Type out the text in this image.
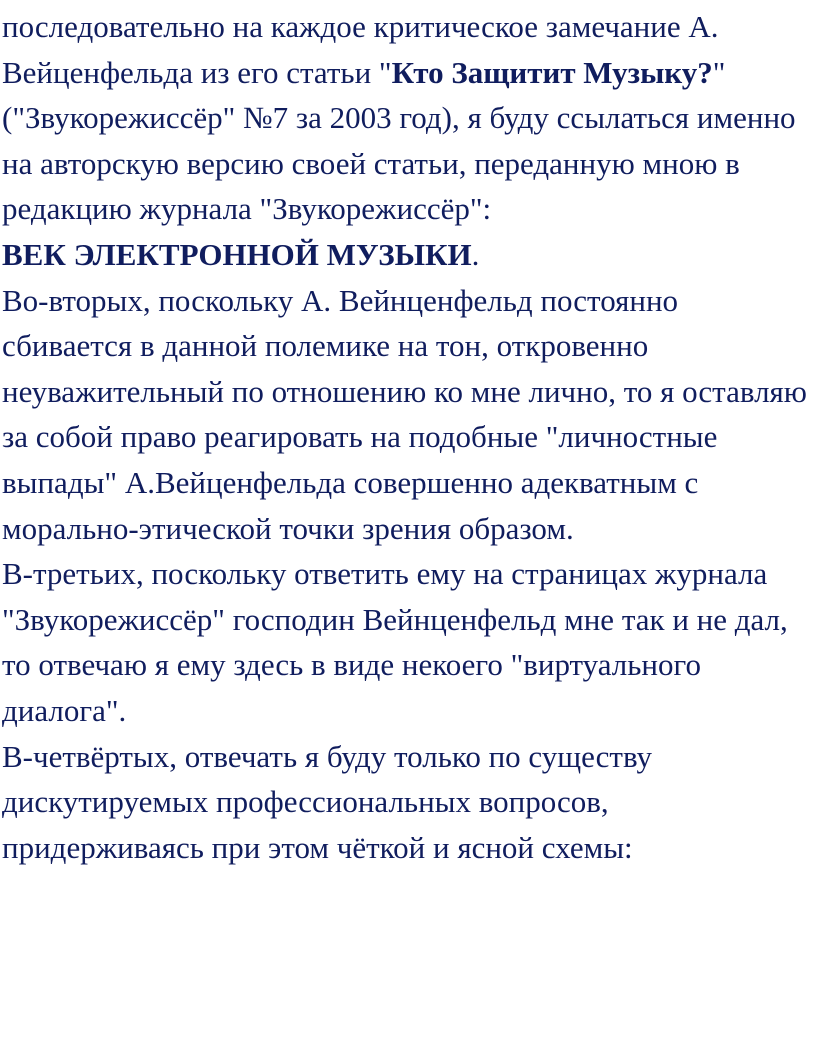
последовательно на каждое критическое замечание А. Вейценфельда из его статьи "Кто Защитит Музыку?" ("Звукорежиссёр" №7 за 2003 год), я буду ссылаться именно на авторскую версию своей статьи, переданную мною в редакцию журнала "Звукорежиссёр":

ВЕК ЭЛЕКТРОННОЙ МУЗЫКИ.

Во-вторых, поскольку А. Вейнценфельд постоянно сбивается в данной полемике на тон, откровенно неуважительный по отношению ко мне лично, то я оставляю за собой право реагировать на подобные "личностные выпады" А.Вейценфельда совершенно адекватным с морально-этической точки зрения образом.

В-третьих, поскольку ответить ему на страницах журнала "Звукорежиссёр" господин Вейнценфельд мне так и не дал, то отвечаю я ему здесь в виде некоего "виртуального диалога".

В-четвёртых, отвечать я буду только по существу дискутируемых профессиональных вопросов, придерживаясь при этом чёткой и ясной схемы:
